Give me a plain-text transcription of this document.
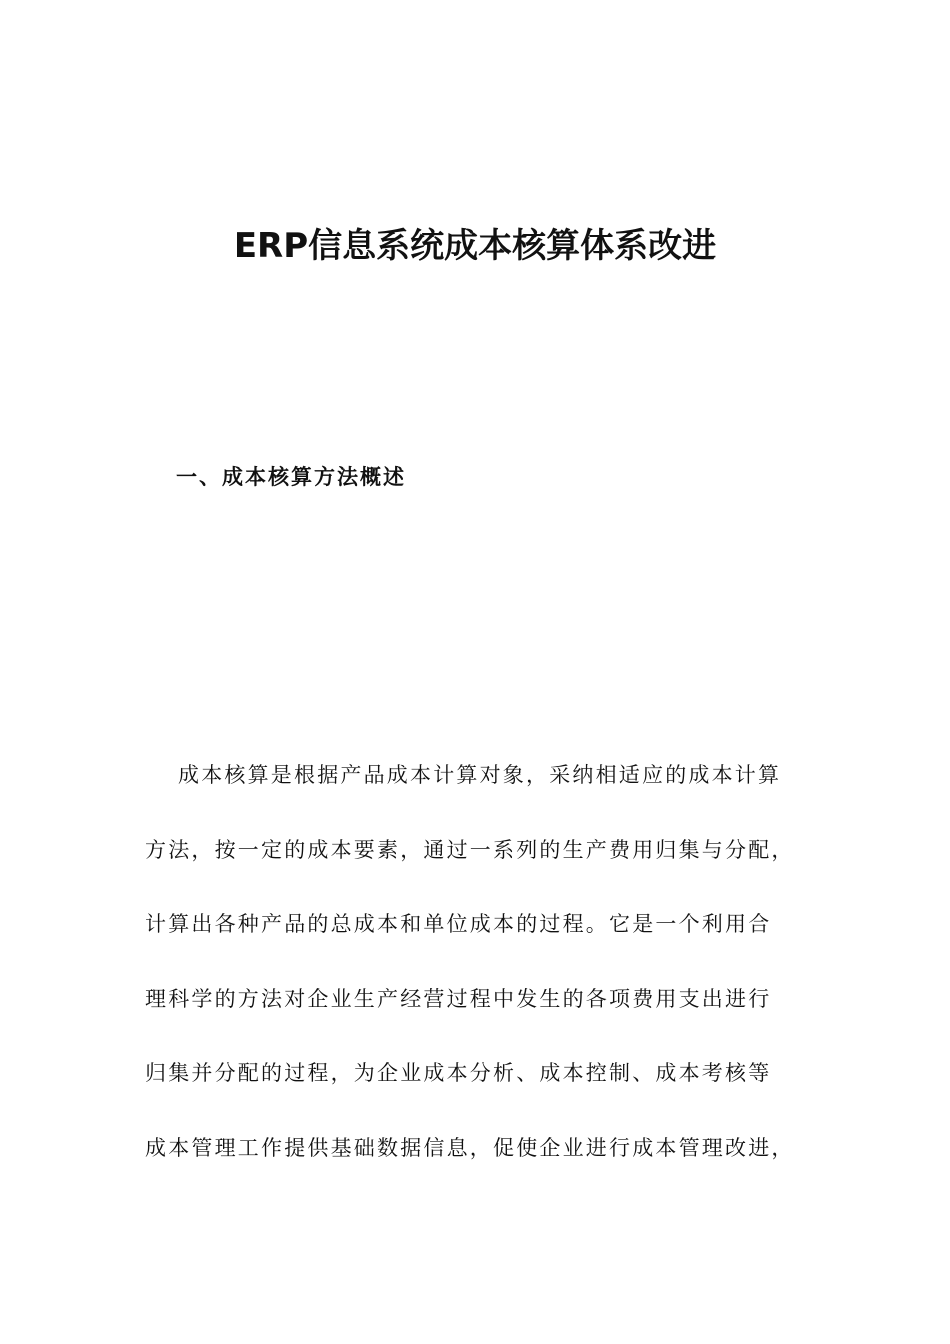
ERP信息系统成本核算体系改进
一、成本核算方法概述
成本核算是根据产品成本计算对象，采纳相适应的成本计算
方法，按一定的成本要素，通过一系列的生产费用归集与分配，
计算出各种产品的总成本和单位成本的过程。它是一个利用合
理科学的方法对企业生产经营过程中发生的各项费用支出进行
归集并分配的过程，为企业成本分析、成本控制、成本考核等
成本管理工作提供基础数据信息，促使企业进行成本管理改进，
